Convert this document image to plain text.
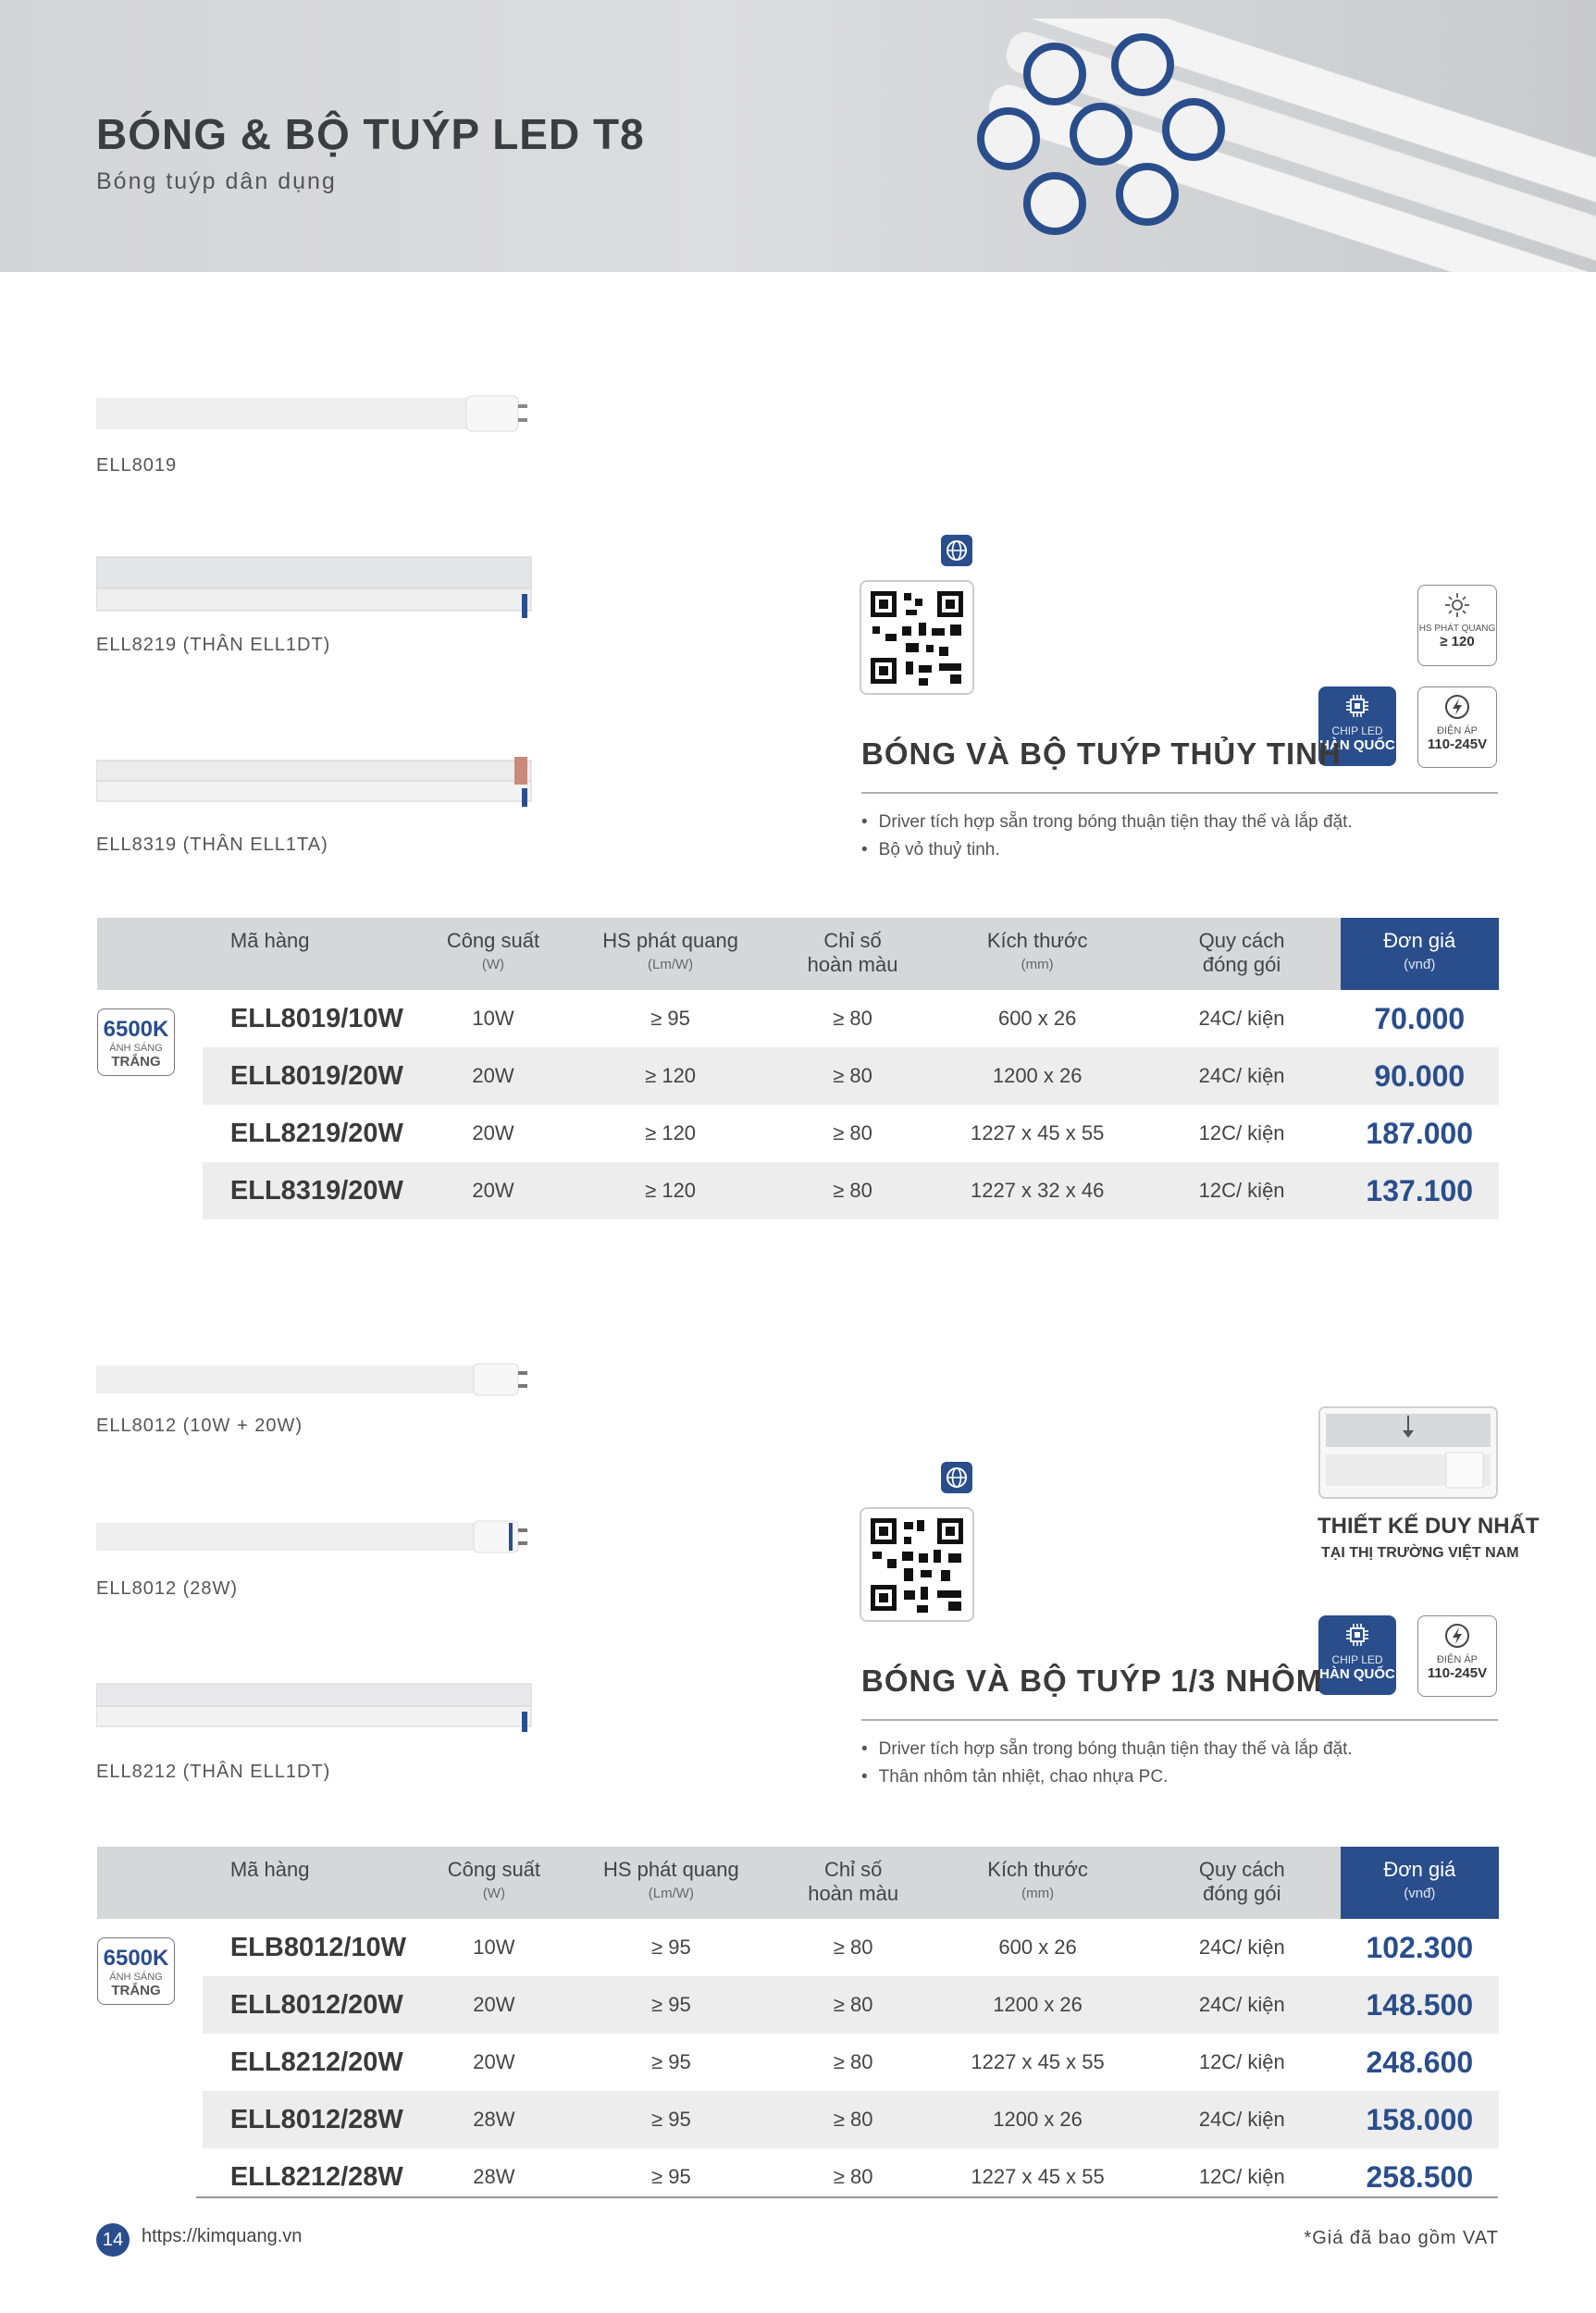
BÓNG & BỘ TUÝP LED T8
Bóng tuýp dân dụng
ELL8019
ELL8219 (THÂN ELL1DT)
ELL8319 (THÂN ELL1TA)
HS PHÁT QUANG
≥ 120
CHIP LED
HÀN QUỐC
ĐIỆN ÁP
110-245V
BÓNG VÀ BỘ TUÝP THỦY TINH
• Driver tích hợp sẵn trong bóng thuận tiện thay thế và lắp đặt.
• Bộ vỏ thuỷ tinh.
	Mã hàng	Công suất
(W)	HS phát quang
(Lm/W)	Chỉ số
hoàn màu	Kích thước
(mm)	Quy cách
đóng gói	Đơn giá
(vnđ)

	ELL8019/10W	10W	≥ 95	≥ 80	600 x 26	24C/ kiện	70.000
	ELL8019/20W	20W	≥ 120	≥ 80	1200 x 26	24C/ kiện	90.000
	ELL8219/20W	20W	≥ 120	≥ 80	1227 x 45 x 55	12C/ kiện	187.000
	ELL8319/20W	20W	≥ 120	≥ 80	1227 x 32 x 46	12C/ kiện	137.100
6500K
ÁNH SÁNG
TRẮNG
ELL8012 (10W + 20W)
ELL8012 (28W)
ELL8212 (THÂN ELL1DT)
THIẾT KẾ DUY NHẤT
TẠI THỊ TRƯỜNG VIỆT NAM
CHIP LED
HÀN QUỐC
ĐIỆN ÁP
110-245V
BÓNG VÀ BỘ TUÝP 1/3 NHÔM
• Driver tích hợp sẵn trong bóng thuận tiện thay thế và lắp đặt.
• Thân nhôm tản nhiệt, chao nhựa PC.
	Mã hàng	Công suất
(W)	HS phát quang
(Lm/W)	Chỉ số
hoàn màu	Kích thước
(mm)	Quy cách
đóng gói	Đơn giá
(vnđ)

	ELB8012/10W	10W	≥ 95	≥ 80	600 x 26	24C/ kiện	102.300
	ELL8012/20W	20W	≥ 95	≥ 80	1200 x 26	24C/ kiện	148.500
	ELL8212/20W	20W	≥ 95	≥ 80	1227 x 45 x 55	12C/ kiện	248.600
	ELL8012/28W	28W	≥ 95	≥ 80	1200 x 26	24C/ kiện	158.000
	ELL8212/28W	28W	≥ 95	≥ 80	1227 x 45 x 55	12C/ kiện	258.500
6500K
ÁNH SÁNG
TRẮNG
14 https://kimquang.vn	*Giá đã bao gồm VAT
